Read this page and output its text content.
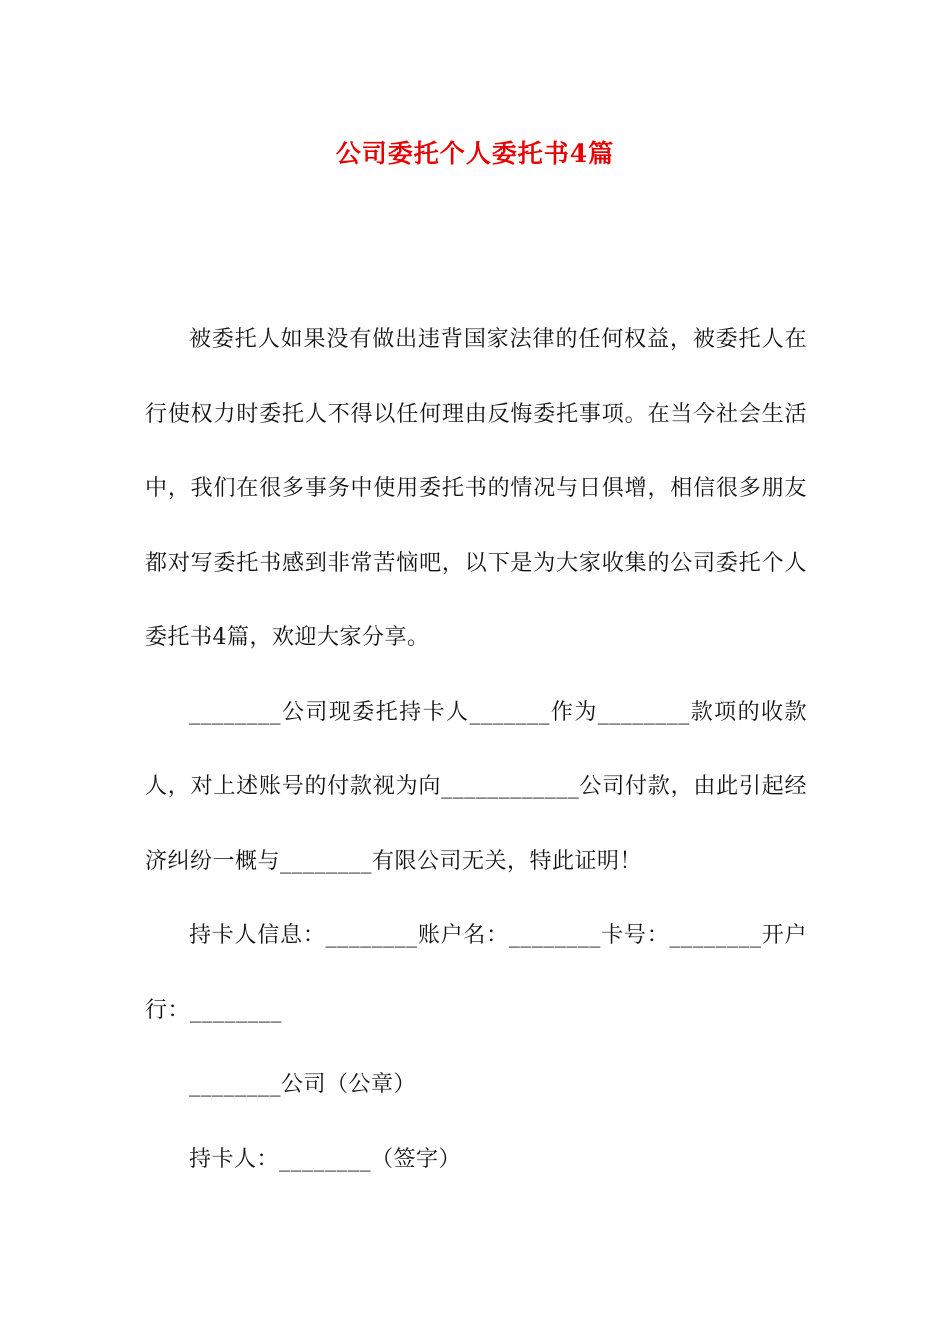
公司委托个人委托书4篇

被委托人如果没有做出违背国家法律的任何权益，被委托人在行使权力时委托人不得以任何理由反悔委托事项。在当今社会生活中，我们在很多事务中使用委托书的情况与日俱增，相信很多朋友都对写委托书感到非常苦恼吧，以下是为大家收集的公司委托个人委托书4篇，欢迎大家分享。

________公司现委托持卡人_______作为________款项的收款人，对上述账号的付款视为向____________公司付款，由此引起经济纠纷一概与________有限公司无关，特此证明！

持卡人信息：________账户名：________卡号：________开户行：________

________公司（公章）

持卡人：________（签字）
